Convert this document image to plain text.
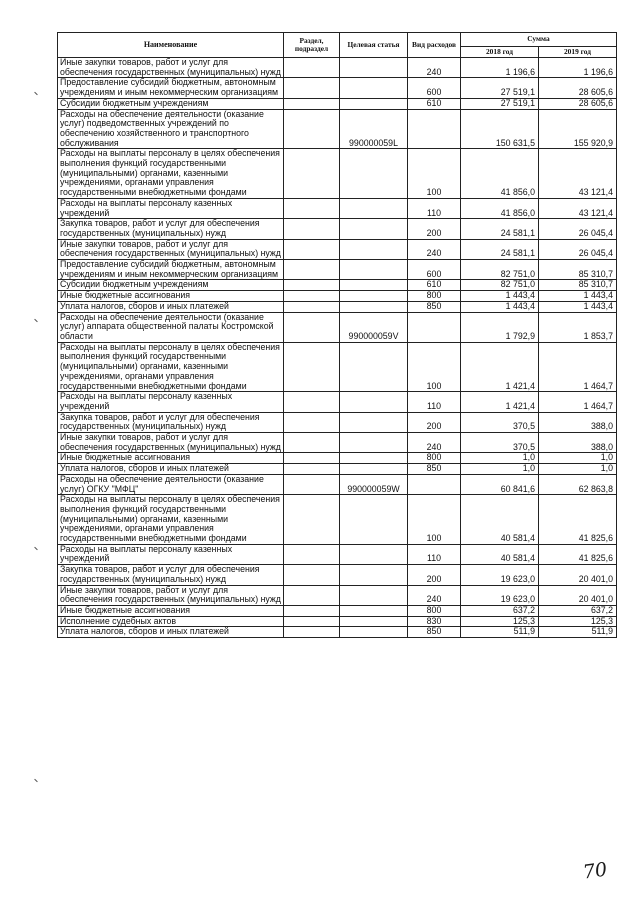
Наименование	Раздел, подраздел	Целевая статья	Вид расходов	Сумма	
				2018 год	2019 год
Иные закупки товаров, работ и услуг для обеспечения государственных (муниципальных) нужд			240	1 196,6	1 196,6
Предоставление субсидий бюджетным, автономным учреждениям и иным некоммерческим организациям			600	27 519,1	28 605,6
Субсидии бюджетным учреждениям			610	27 519,1	28 605,6
Расходы на обеспечение деятельности (оказание услуг) подведомственных учреждений по обеспечению хозяйственного и транспортного обслуживания		990000059L		150 631,5	155 920,9
Расходы на выплаты персоналу в целях обеспечения выполнения функций государственными (муниципальными) органами, казенными учреждениями, органами управления государственными внебюджетными фондами			100	41 856,0	43 121,4
Расходы на выплаты персоналу казенных учреждений			110	41 856,0	43 121,4
Закупка товаров, работ и услуг для обеспечения государственных (муниципальных) нужд			200	24 581,1	26 045,4
Иные закупки товаров, работ и услуг для обеспечения государственных (муниципальных) нужд			240	24 581,1	26 045,4
Предоставление субсидий бюджетным, автономным учреждениям и иным некоммерческим организациям			600	82 751,0	85 310,7
Субсидии бюджетным учреждениям			610	82 751,0	85 310,7
Иные бюджетные ассигнования			800	1 443,4	1 443,4
Уплата налогов, сборов и иных платежей			850	1 443,4	1 443,4
Расходы на обеспечение деятельности (оказание услуг) аппарата общественной палаты Костромской области		990000059V		1 792,9	1 853,7
Расходы на выплаты персоналу в целях обеспечения выполнения функций государственными (муниципальными) органами, казенными учреждениями, органами управления государственными внебюджетными фондами			100	1 421,4	1 464,7
Расходы на выплаты персоналу казенных учреждений			110	1 421,4	1 464,7
Закупка товаров, работ и услуг для обеспечения государственных (муниципальных) нужд			200	370,5	388,0
Иные закупки товаров, работ и услуг для обеспечения государственных (муниципальных) нужд			240	370,5	388,0
Иные бюджетные ассигнования			800	1,0	1,0
Уплата налогов, сборов и иных платежей			850	1,0	1,0
Расходы на обеспечение деятельности (оказание услуг) ОГКУ "МФЦ"		990000059W		60 841,6	62 863,8
Расходы на выплаты персоналу в целях обеспечения выполнения функций государственными (муниципальными) органами, казенными учреждениями, органами управления государственными внебюджетными фондами			100	40 581,4	41 825,6
Расходы на выплаты персоналу казенных учреждений			110	40 581,4	41 825,6
Закупка товаров, работ и услуг для обеспечения государственных (муниципальных) нужд			200	19 623,0	20 401,0
Иные закупки товаров, работ и услуг для обеспечения государственных (муниципальных) нужд			240	19 623,0	20 401,0
Иные бюджетные ассигнования			800	637,2	637,2
Исполнение судебных актов			830	125,3	125,3
Уплата налогов, сборов и иных платежей			850	511,9	511,9
70
